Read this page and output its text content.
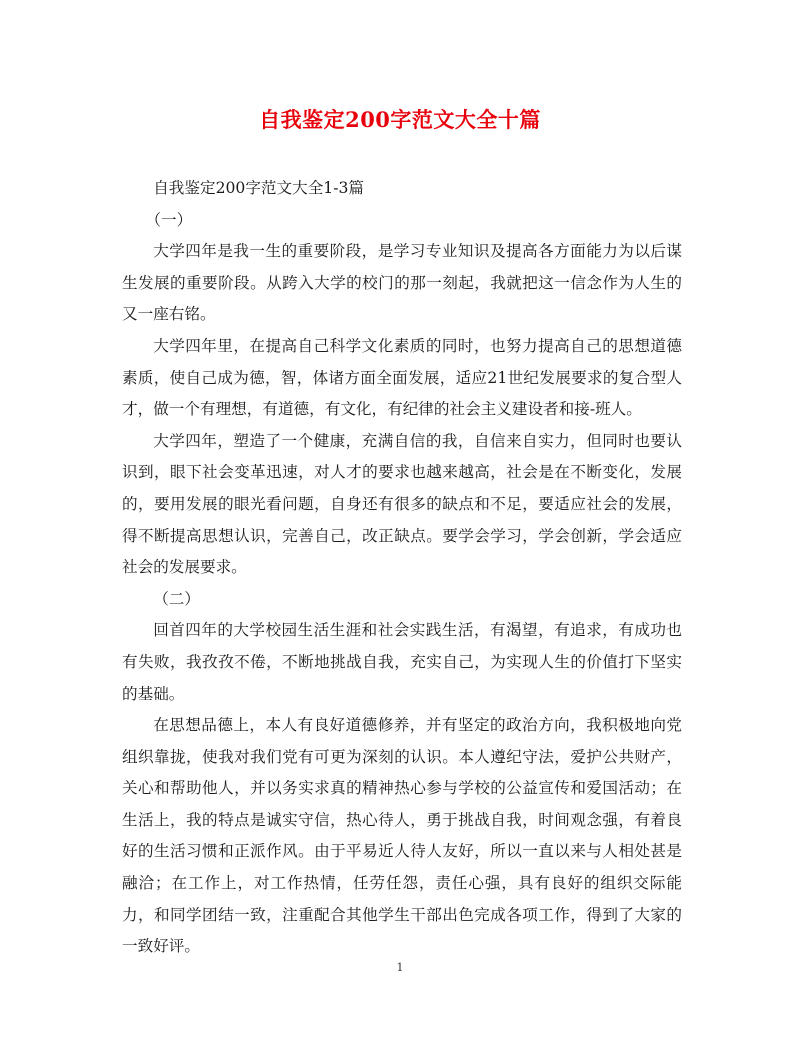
自我鉴定200字范文大全十篇

自我鉴定200字范文大全1-3篇

（一）

大学四年是我一生的重要阶段，是学习专业知识及提高各方面能力为以后谋生发展的重要阶段。从跨入大学的校门的那一刻起，我就把这一信念作为人生的又一座右铭。

大学四年里，在提高自己科学文化素质的同时，也努力提高自己的思想道德素质，使自己成为德，智，体诸方面全面发展，适应21世纪发展要求的复合型人才，做一个有理想，有道德，有文化，有纪律的社会主义建设者和接-班人。

大学四年，塑造了一个健康，充满自信的我，自信来自实力，但同时也要认识到，眼下社会变革迅速，对人才的要求也越来越高，社会是在不断变化，发展的，要用发展的眼光看问题，自身还有很多的缺点和不足，要适应社会的发展，得不断提高思想认识，完善自己，改正缺点。要学会学习，学会创新，学会适应社会的发展要求。

（二）

回首四年的大学校园生活生涯和社会实践生活，有渴望，有追求，有成功也有失败，我孜孜不倦，不断地挑战自我，充实自己，为实现人生的价值打下坚实的基础。

在思想品德上，本人有良好道德修养，并有坚定的政治方向，我积极地向党组织靠拢，使我对我们党有可更为深刻的认识。本人遵纪守法，爱护公共财产，关心和帮助他人，并以务实求真的精神热心参与学校的公益宣传和爱国活动；在生活上，我的特点是诚实守信，热心待人，勇于挑战自我，时间观念强，有着良好的生活习惯和正派作风。由于平易近人待人友好，所以一直以来与人相处甚是融洽；在工作上，对工作热情，任劳任怨，责任心强，具有良好的组织交际能力，和同学团结一致，注重配合其他学生干部出色完成各项工作，得到了大家的一致好评。

1
